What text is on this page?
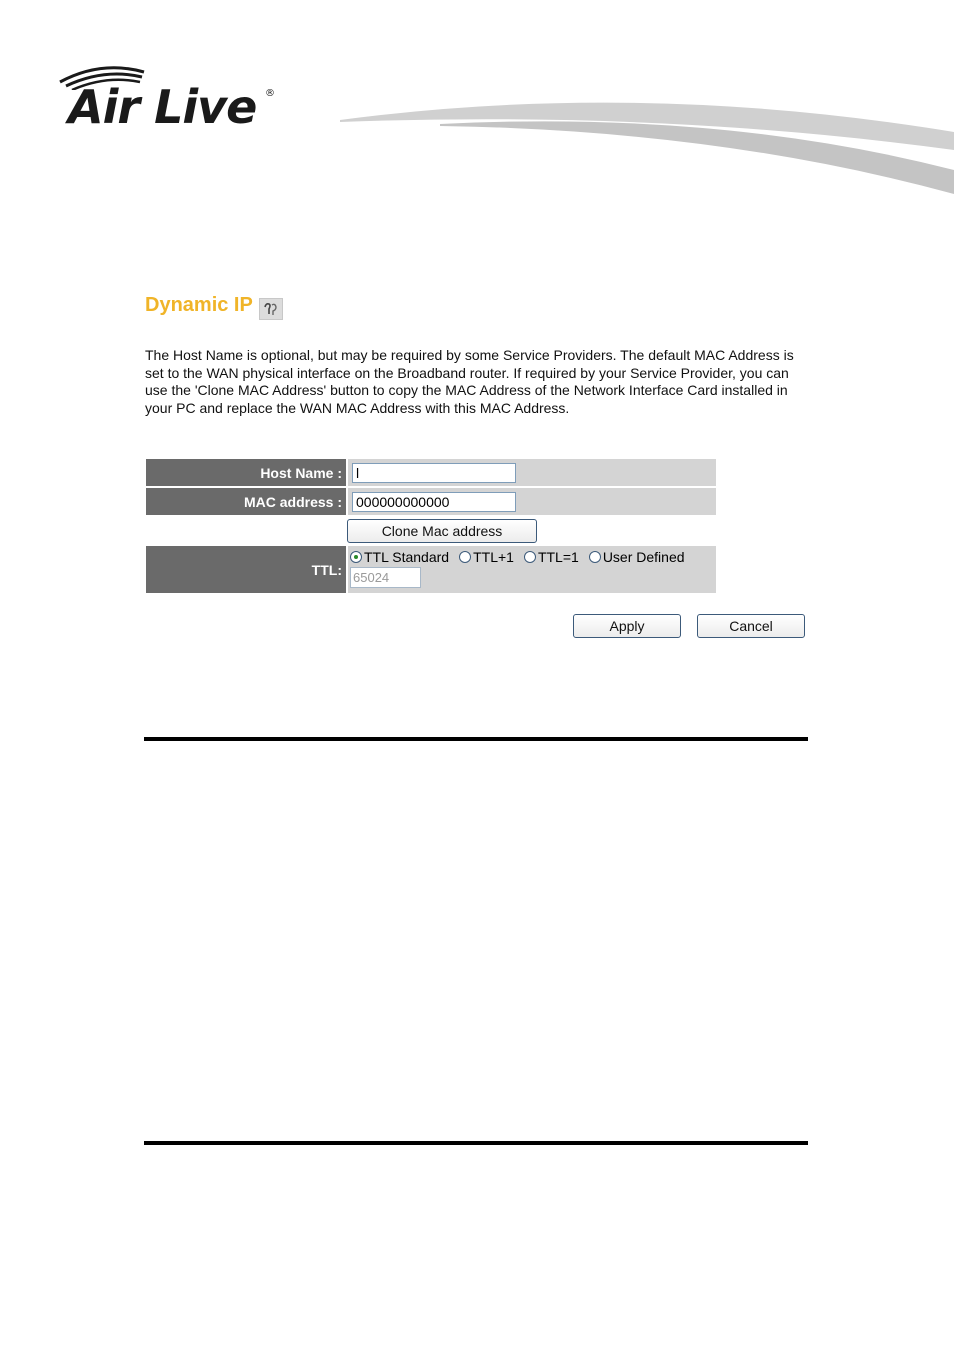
Air Live ®
Dynamic IP
The Host Name is optional, but may be required by some Service Providers. The default MAC Address is set to the WAN physical interface on the Broadband router. If required by your Service Provider, you can use the 'Clone MAC Address' button to copy the MAC Address of the Network Interface Card installed in your PC and replace the WAN MAC Address with this MAC Address.
Host Name : l
MAC address : 000000000000
Clone Mac address
TTL:
TTL Standard TTL+1 TTL=1 User Defined
65024
Apply	Cancel
